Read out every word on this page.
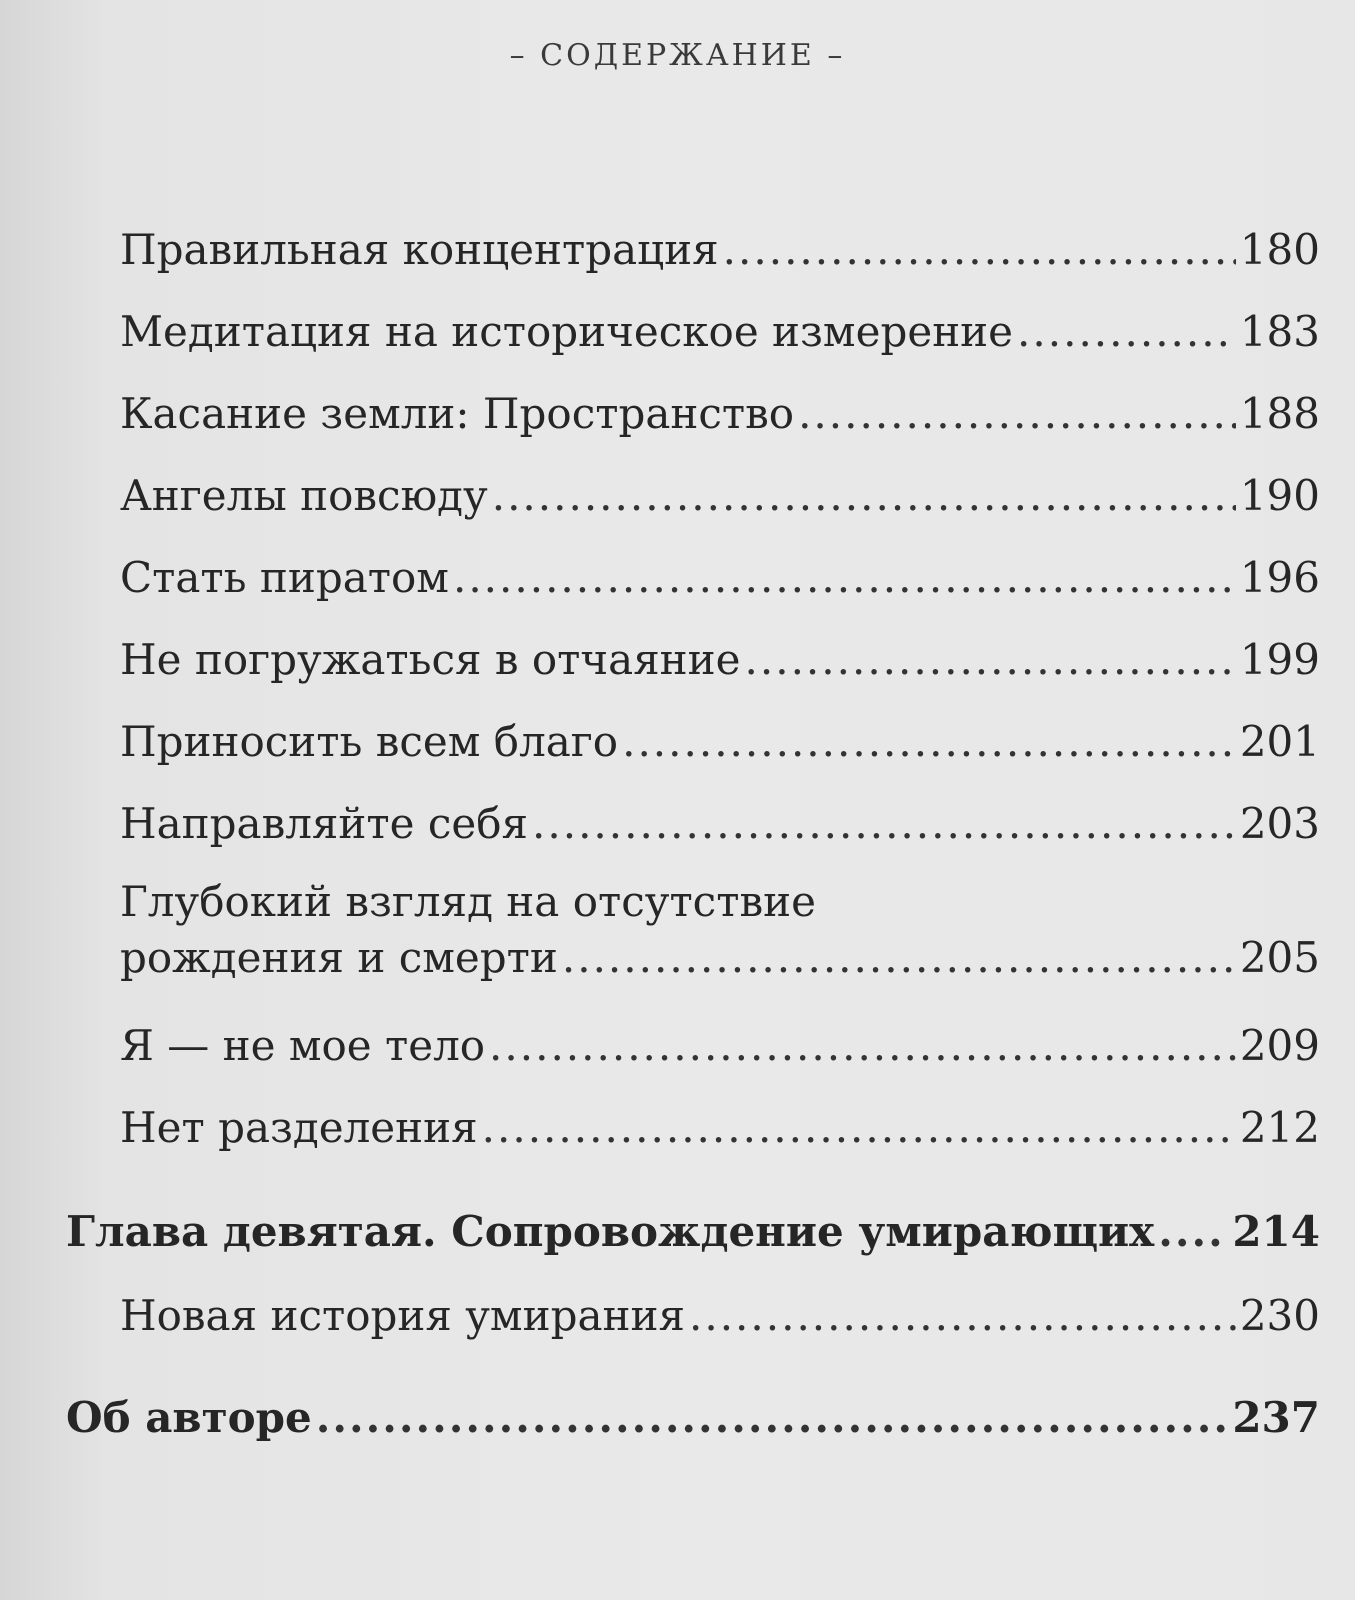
– СОДЕРЖАНИЕ –
Правильная концентрация .....	180
Медитация на историческое измерение .....	183
Касание земли: Пространство .....	188
Ангелы повсюду .....	190
Стать пиратом .....	196
Не погружаться в отчаяние .....	199
Приносить всем благо .....	201
Направляйте себя .....	203
Глубокий взгляд на отсутствие
рождения и смерти .....	205
Я — не мое тело .....	209
Нет разделения .....	212
Глава девятая. Сопровождение умирающих ..... 214
Новая история умирания .....	230
Об авторе .....	237
